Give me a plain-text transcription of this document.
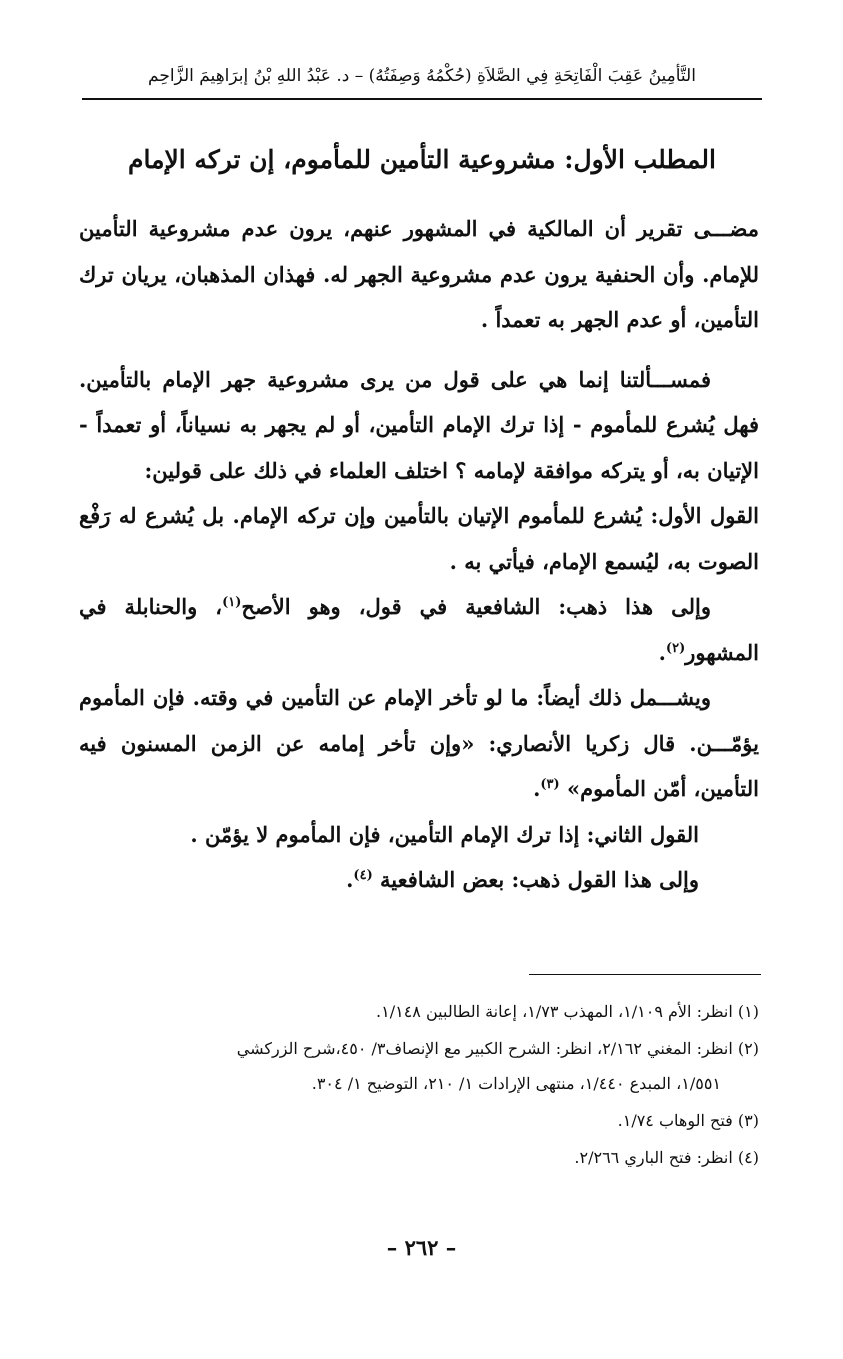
التَّأْمِينُ عَقِبَ الْفَاتِحَةِ فِي الصَّلاَةِ (حُكْمُهُ وَصِفَتُهُ) – د. عَبْدُ اللهِ بْنُ إبرَاهِيمَ الزَّاحِم
المطلب الأول: مشروعية التأمين للمأموم، إن تركه الإمام

مضـــى تقرير أن المالكية في المشهور عنهم، يرون عدم مشروعية التأمين للإمام. وأن الحنفية يرون عدم مشروعية الجهر له. فهذان المذهبان، يريان ترك التأمين، أو عدم الجهر به تعمداً .

فمســـألتنا إنما هي على قول من يرى مشروعية جهر الإمام بالتأمين. فهل يُشرع للمأموم - إذا ترك الإمام التأمين، أو لم يجهر به نسياناً، أو تعمداً - الإتيان به، أو يتركه موافقة لإمامه ؟ اختلف العلماء في ذلك على قولين:

القول الأول: يُشرع للمأموم الإتيان بالتأمين وإن تركه الإمام. بل يُشرع له رَفْع الصوت به، ليُسمع الإمام، فيأتي به .

وإلى هذا ذهب: الشافعية في قول، وهو الأصح$^{(١)}$، والحنابلة في المشهور$^{(٢)}$.

ويشـــمل ذلك أيضاً: ما لو تأخر الإمام عن التأمين في وقته. فإن المأموم يؤمّـــن. قال زكريا الأنصاري: «وإن تأخر إمامه عن الزمن المسنون فيه التأمين، أمّن المأموم» $^{(٣)}$.

القول الثاني: إذا ترك الإمام التأمين، فإن المأموم لا يؤمّن .

وإلى هذا القول ذهب: بعض الشافعية $^{(٤)}$.

(١) انظر: الأم ١/١٠٩، المهذب ١/٧٣، إعانة الطالبين ١/١٤٨.
(٢) انظر: المغني ٢/١٦٢، انظر: الشرح الكبير مع الإنصاف٣/ ٤٥٠،شرح الزركشي
١/٥٥١، المبدع ١/٤٤٠، منتهى الإرادات ١/ ٢١٠، التوضيح ١/ ٣٠٤.
(٣) فتح الوهاب ١/٧٤.
(٤) انظر: فتح الباري ٢/٢٦٦.
– ٢٦٢ –
